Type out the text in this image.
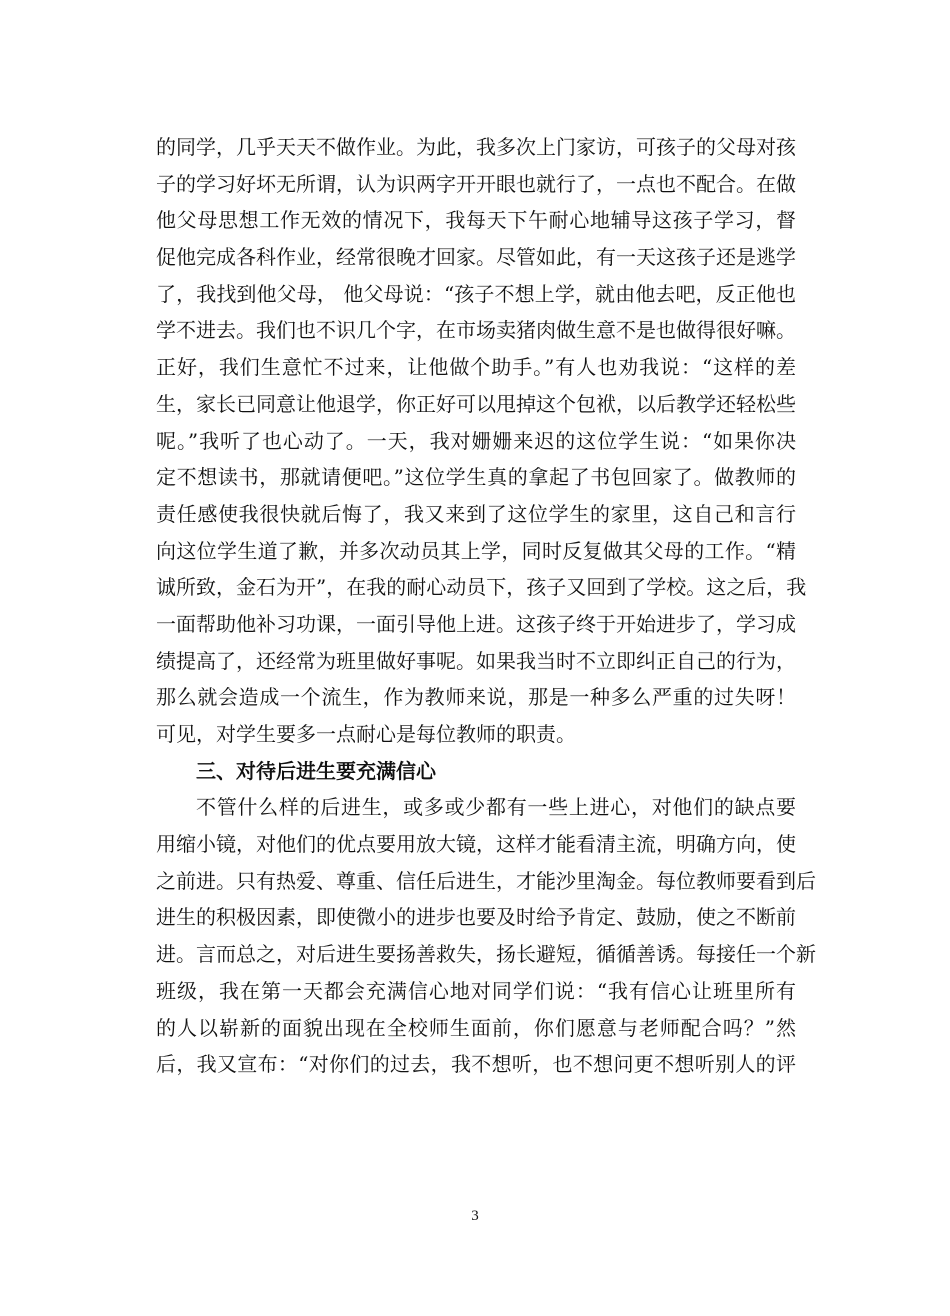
的同学，几乎天天不做作业。为此，我多次上门家访，可孩子的父母对孩
子的学习好坏无所谓，认为识两字开开眼也就行了，一点也不配合。在做
他父母思想工作无效的情况下，我每天下午耐心地辅导这孩子学习，督
促他完成各科作业，经常很晚才回家。尽管如此，有一天这孩子还是逃学
了，我找到他父母， 他父母说：“孩子不想上学，就由他去吧，反正他也
学不进去。我们也不识几个字，在市场卖猪肉做生意不是也做得很好嘛。
正好，我们生意忙不过来，让他做个助手。”有人也劝我说：“这样的差
生，家长已同意让他退学，你正好可以甩掉这个包袱，以后教学还轻松些
呢。”我听了也心动了。一天，我对姗姗来迟的这位学生说：“如果你决
定不想读书，那就请便吧。”这位学生真的拿起了书包回家了。做教师的
责任感使我很快就后悔了，我又来到了这位学生的家里，这自己和言行
向这位学生道了歉，并多次动员其上学，同时反复做其父母的工作。“精
诚所致，金石为开”，在我的耐心动员下，孩子又回到了学校。这之后，我
一面帮助他补习功课，一面引导他上进。这孩子终于开始进步了，学习成
绩提高了，还经常为班里做好事呢。如果我当时不立即纠正自己的行为，
那么就会造成一个流生，作为教师来说，那是一种多么严重的过失呀！
可见，对学生要多一点耐心是每位教师的职责。
三、对待后进生要充满信心
不管什么样的后进生，或多或少都有一些上进心，对他们的缺点要
用缩小镜，对他们的优点要用放大镜，这样才能看清主流，明确方向，使
之前进。只有热爱、尊重、信任后进生，才能沙里淘金。每位教师要看到后
进生的积极因素，即使微小的进步也要及时给予肯定、鼓励，使之不断前
进。言而总之，对后进生要扬善救失，扬长避短，循循善诱。每接任一个新
班级，我在第一天都会充满信心地对同学们说：“我有信心让班里所有
的人以崭新的面貌出现在全校师生面前，你们愿意与老师配合吗？”然
后，我又宣布：“对你们的过去，我不想听，也不想问更不想听别人的评
3
